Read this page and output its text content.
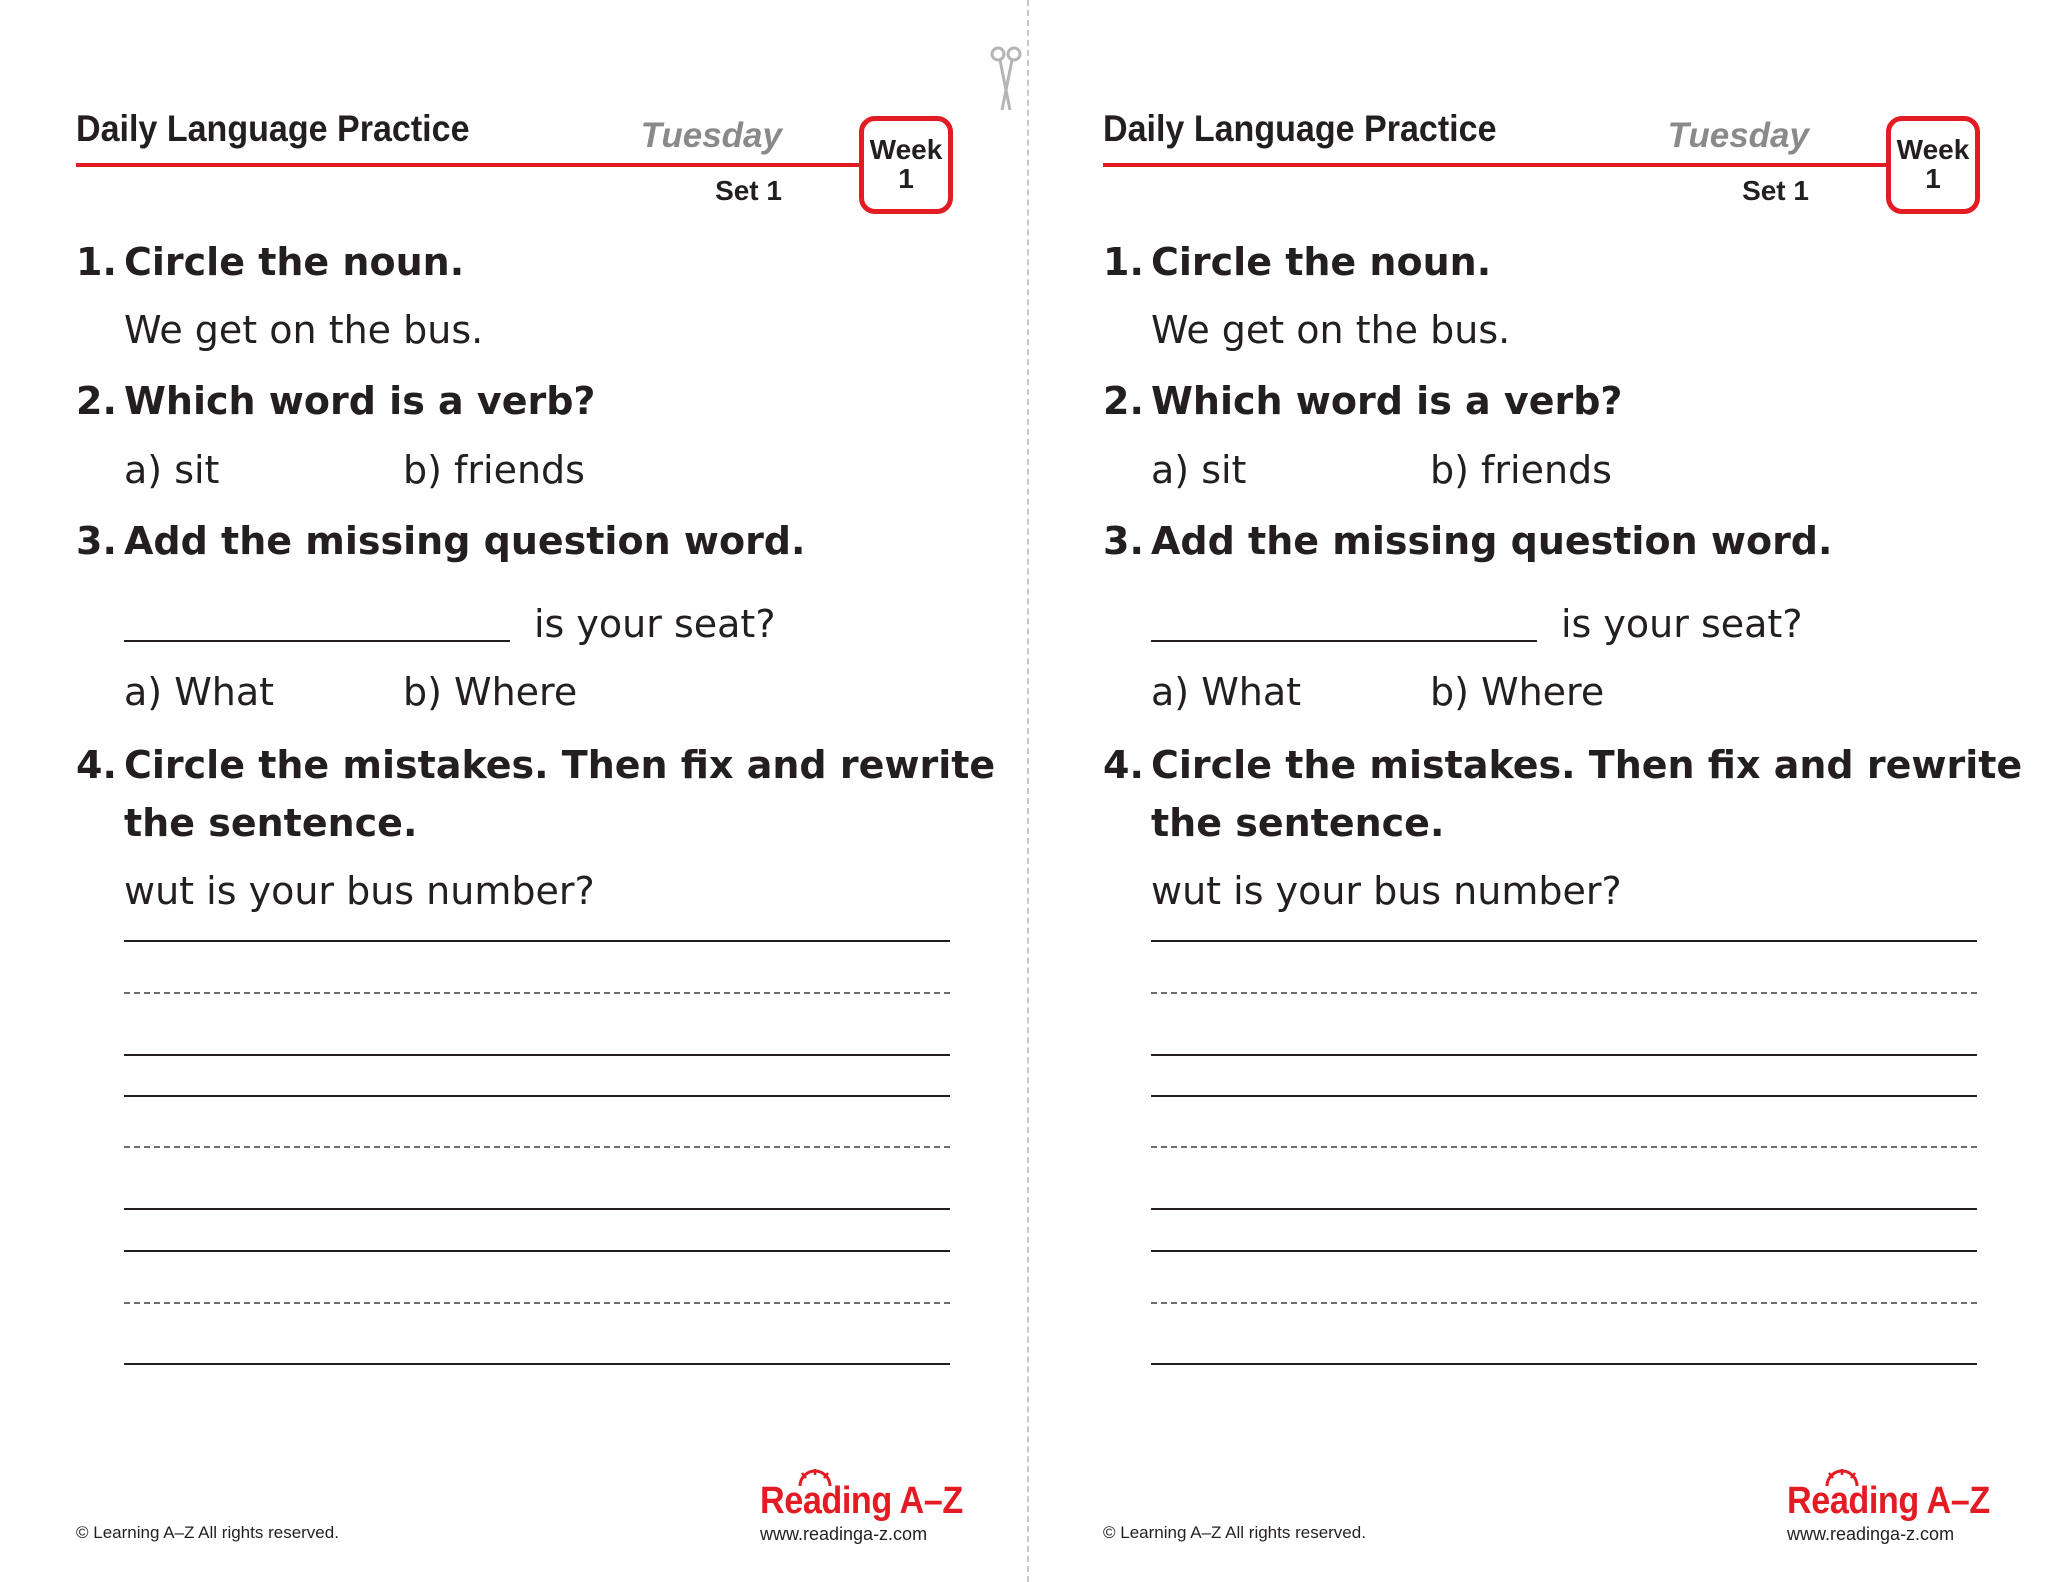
Daily Language Practice	Tuesday
Set 1
Week
1
1. Circle the noun.
We get on the bus.
2. Which word is a verb?
a) sit	b) friends
3. Add the missing question word.
is your seat?
a) What	b) Where
4. Circle the mistakes. Then fix and rewrite
the sentence.
wut is your bus number?
© Learning A–Z All rights reserved.
Reading A–Z
www.readinga-z.com
Daily Language Practice	Tuesday
Set 1
Week
1
1. Circle the noun.
We get on the bus.
2. Which word is a verb?
a) sit	b) friends
3. Add the missing question word.
is your seat?
a) What	b) Where
4. Circle the mistakes. Then fix and rewrite
the sentence.
wut is your bus number?
© Learning A–Z All rights reserved.
Reading A–Z
www.readinga-z.com
